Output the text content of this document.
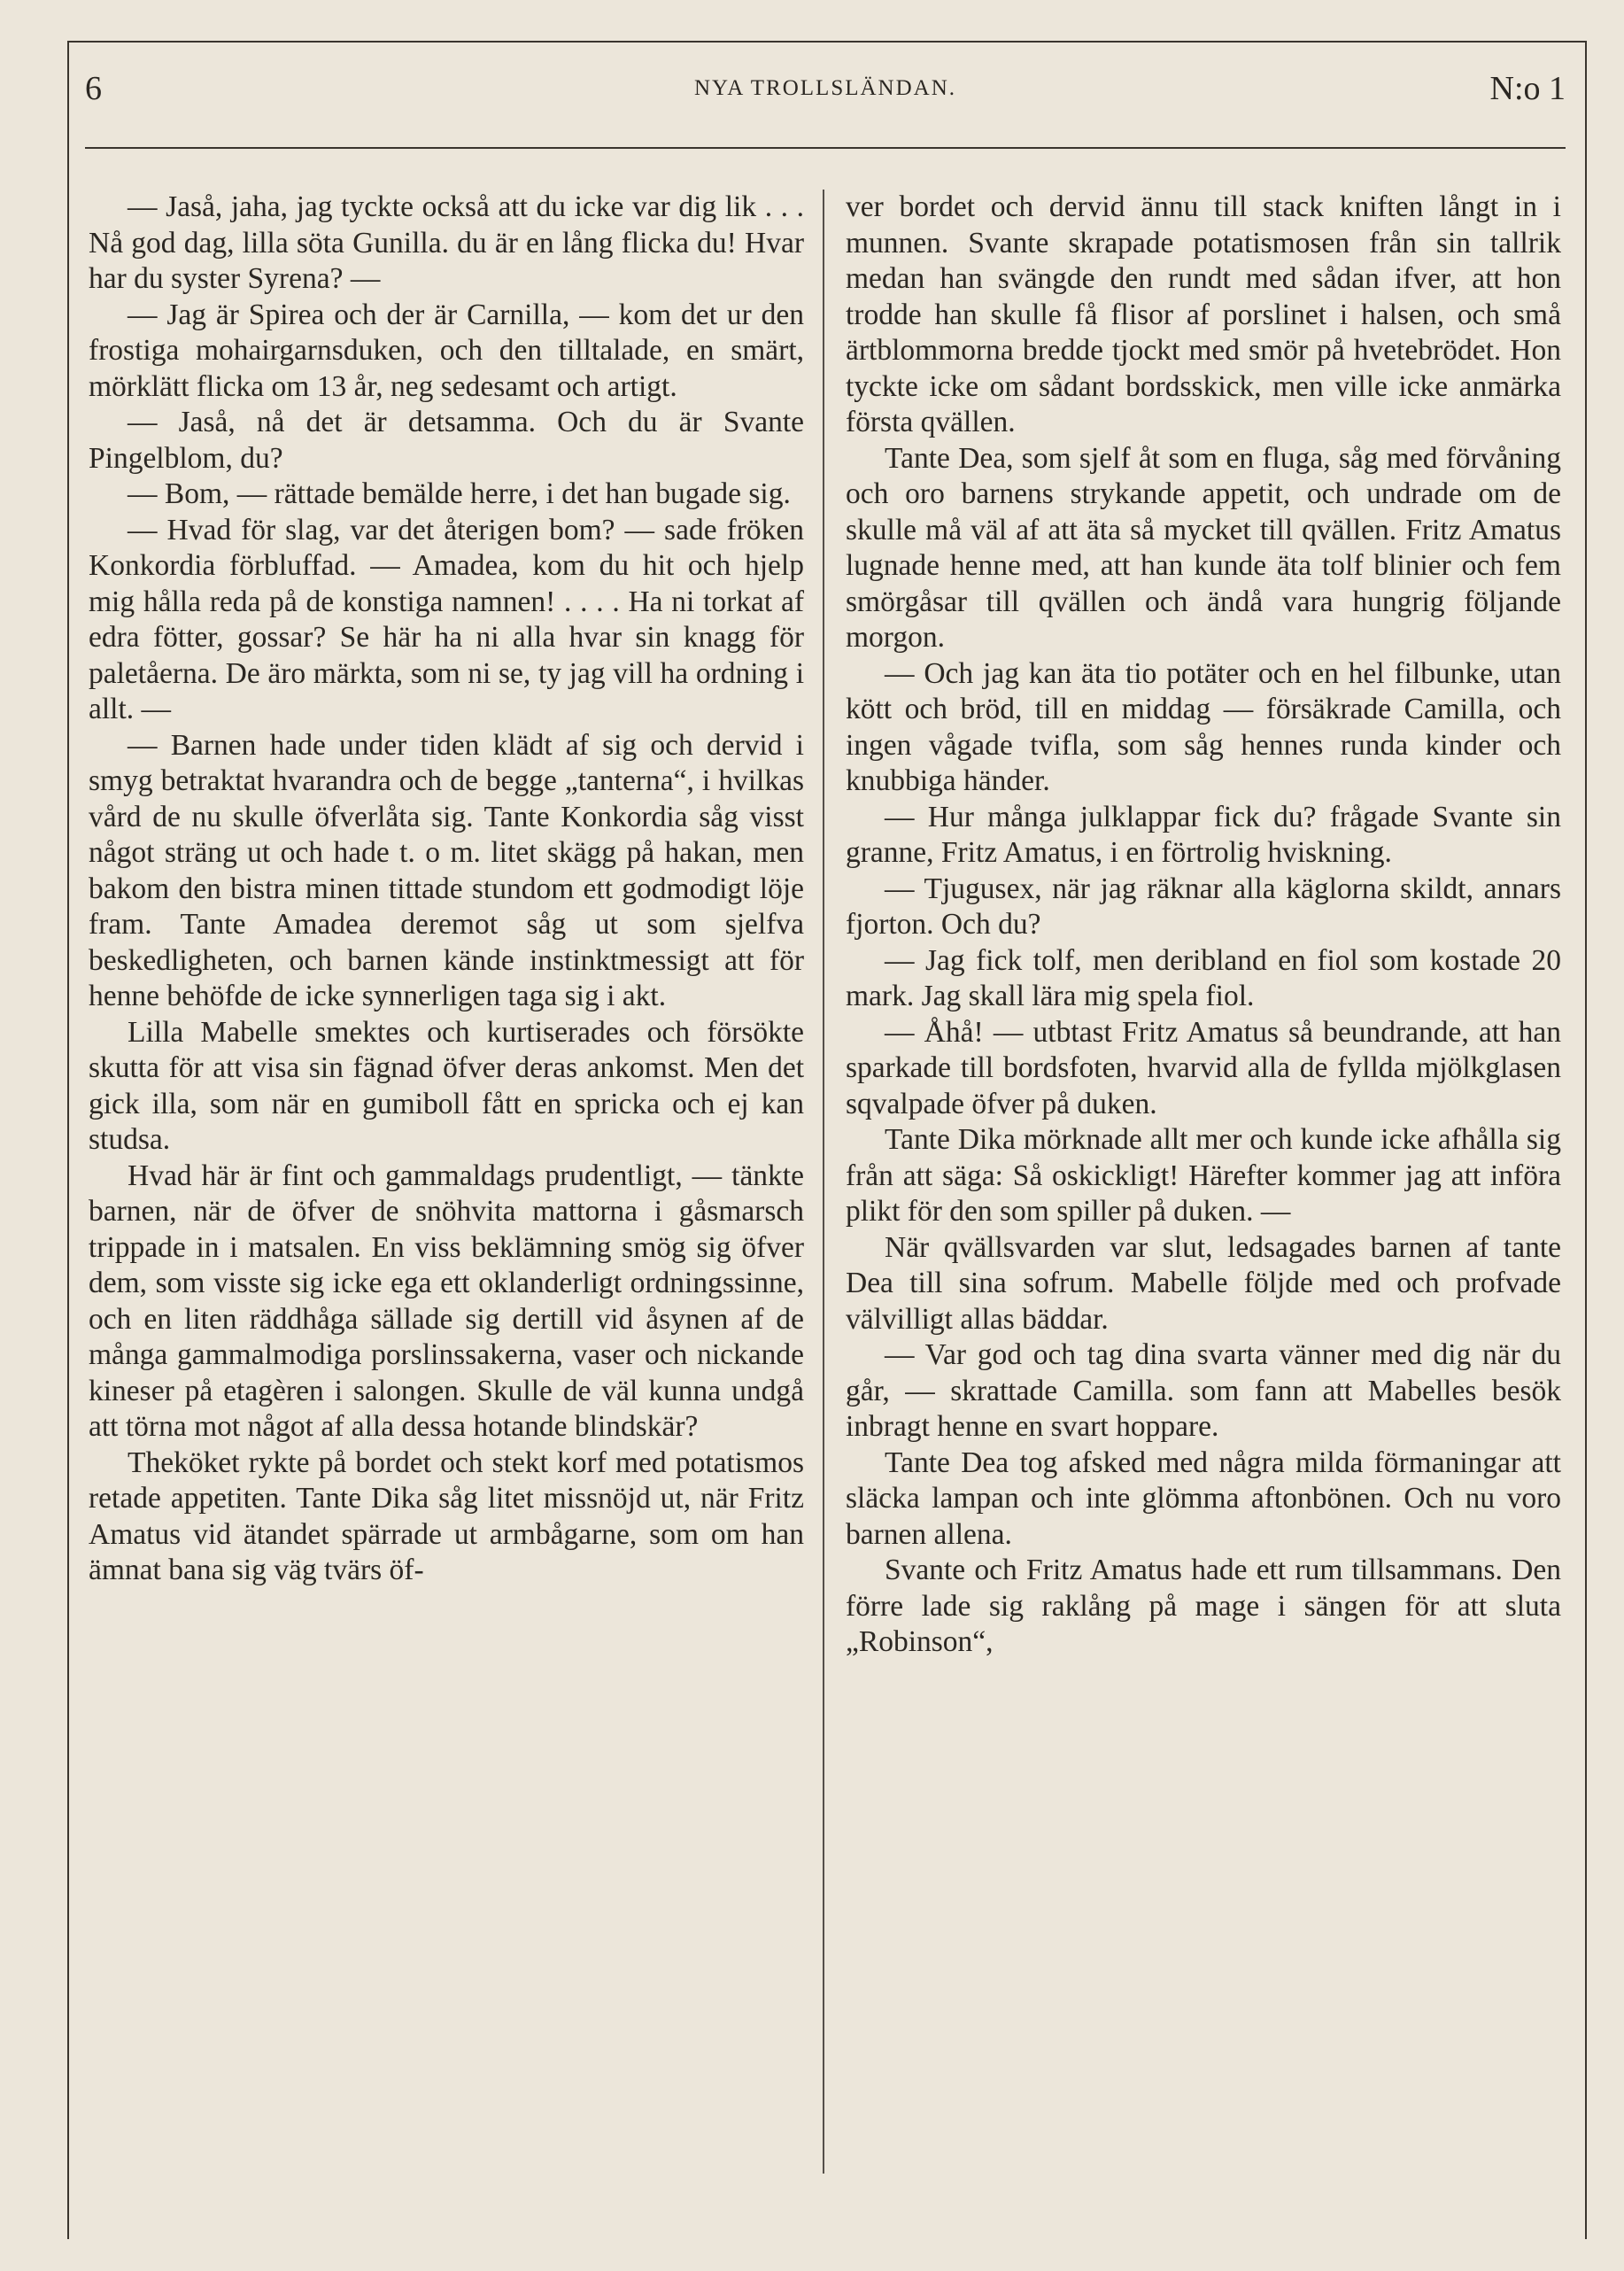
6	NYA TROLLSLÄNDAN.	N:o 1

— Jaså, jaha, jag tyckte också att du icke var dig lik . . . Nå god dag, lilla söta Gunilla. du är en lång flicka du! Hvar har du syster Syrena? —

— Jag är Spirea och der är Carnilla, — kom det ur den frostiga mohairgarnsduken, och den tilltalade, en smärt, mörklätt flicka om 13 år, neg sedesamt och artigt.

— Jaså, nå det är detsamma. Och du är Svante Pingelblom, du?

— Bom, — rättade bemälde herre, i det han bugade sig.

— Hvad för slag, var det återigen bom? — sade fröken Konkordia förbluffad. — Amadea, kom du hit och hjelp mig hålla reda på de konstiga namnen! . . . . Ha ni torkat af edra fötter, gossar? Se här ha ni alla hvar sin knagg för paletåerna. De äro märkta, som ni se, ty jag vill ha ordning i allt. —

— Barnen hade under tiden klädt af sig och dervid i smyg betraktat hvarandra och de begge „tanterna“, i hvilkas vård de nu skulle öfverlåta sig. Tante Konkordia såg visst något sträng ut och hade t. o m. litet skägg på hakan, men bakom den bistra minen tittade stundom ett godmodigt löje fram. Tante Amadea deremot såg ut som sjelfva beskedligheten, och barnen kände instinktmessigt att för henne behöfde de icke synnerligen taga sig i akt.

Lilla Mabelle smektes och kurtiserades och försökte skutta för att visa sin fägnad öfver deras ankomst. Men det gick illa, som när en gumiboll fått en spricka och ej kan studsa.

Hvad här är fint och gammaldags prudentligt, — tänkte barnen, när de öfver de snöhvita mattorna i gåsmarsch trippade in i matsalen. En viss beklämning smög sig öfver dem, som visste sig icke ega ett oklanderligt ordningssinne, och en liten räddhåga sällade sig dertill vid åsynen af de många gammalmodiga porslinssakerna, vaser och nickande kineser på etagèren i salongen. Skulle de väl kunna undgå att törna mot något af alla dessa hotande blindskär?

Theköket rykte på bordet och stekt korf med potatismos retade appetiten. Tante Dika såg litet missnöjd ut, när Fritz Amatus vid ätandet spärrade ut armbågarne, som om han ämnat bana sig väg tvärs öf-

ver bordet och dervid ännu till stack kniften långt in i munnen. Svante skrapade potatismosen från sin tallrik medan han svängde den rundt med sådan ifver, att hon trodde han skulle få flisor af porslinet i halsen, och små ärtblommorna bredde tjockt med smör på hvetebrödet. Hon tyckte icke om sådant bordsskick, men ville icke anmärka första qvällen.

Tante Dea, som sjelf åt som en fluga, såg med förvåning och oro barnens strykande appetit, och undrade om de skulle må väl af att äta så mycket till qvällen. Fritz Amatus lugnade henne med, att han kunde äta tolf blinier och fem smörgåsar till qvällen och ändå vara hungrig följande morgon.

— Och jag kan äta tio potäter och en hel filbunke, utan kött och bröd, till en middag — försäkrade Camilla, och ingen vågade tvifla, som såg hennes runda kinder och knubbiga händer.

— Hur många julklappar fick du? frågade Svante sin granne, Fritz Amatus, i en förtrolig hviskning.

— Tjugusex, när jag räknar alla käglorna skildt, annars fjorton. Och du?

— Jag fick tolf, men deribland en fiol som kostade 20 mark. Jag skall lära mig spela fiol.

— Åhå! — utbtast Fritz Amatus så beundrande, att han sparkade till bordsfoten, hvarvid alla de fyllda mjölkglasen sqvalpade öfver på duken.

Tante Dika mörknade allt mer och kunde icke afhålla sig från att säga: Så oskickligt! Härefter kommer jag att införa plikt för den som spiller på duken. —

När qvällsvarden var slut, ledsagades barnen af tante Dea till sina sofrum. Mabelle följde med och profvade välvilligt allas bäddar.

— Var god och tag dina svarta vänner med dig när du går, — skrattade Camilla. som fann att Mabelles besök inbragt henne en svart hoppare.

Tante Dea tog afsked med några milda förmaningar att släcka lampan och inte glömma aftonbönen. Och nu voro barnen allena.

Svante och Fritz Amatus hade ett rum tillsammans. Den förre lade sig raklång på mage i sängen för att sluta „Robinson“,
